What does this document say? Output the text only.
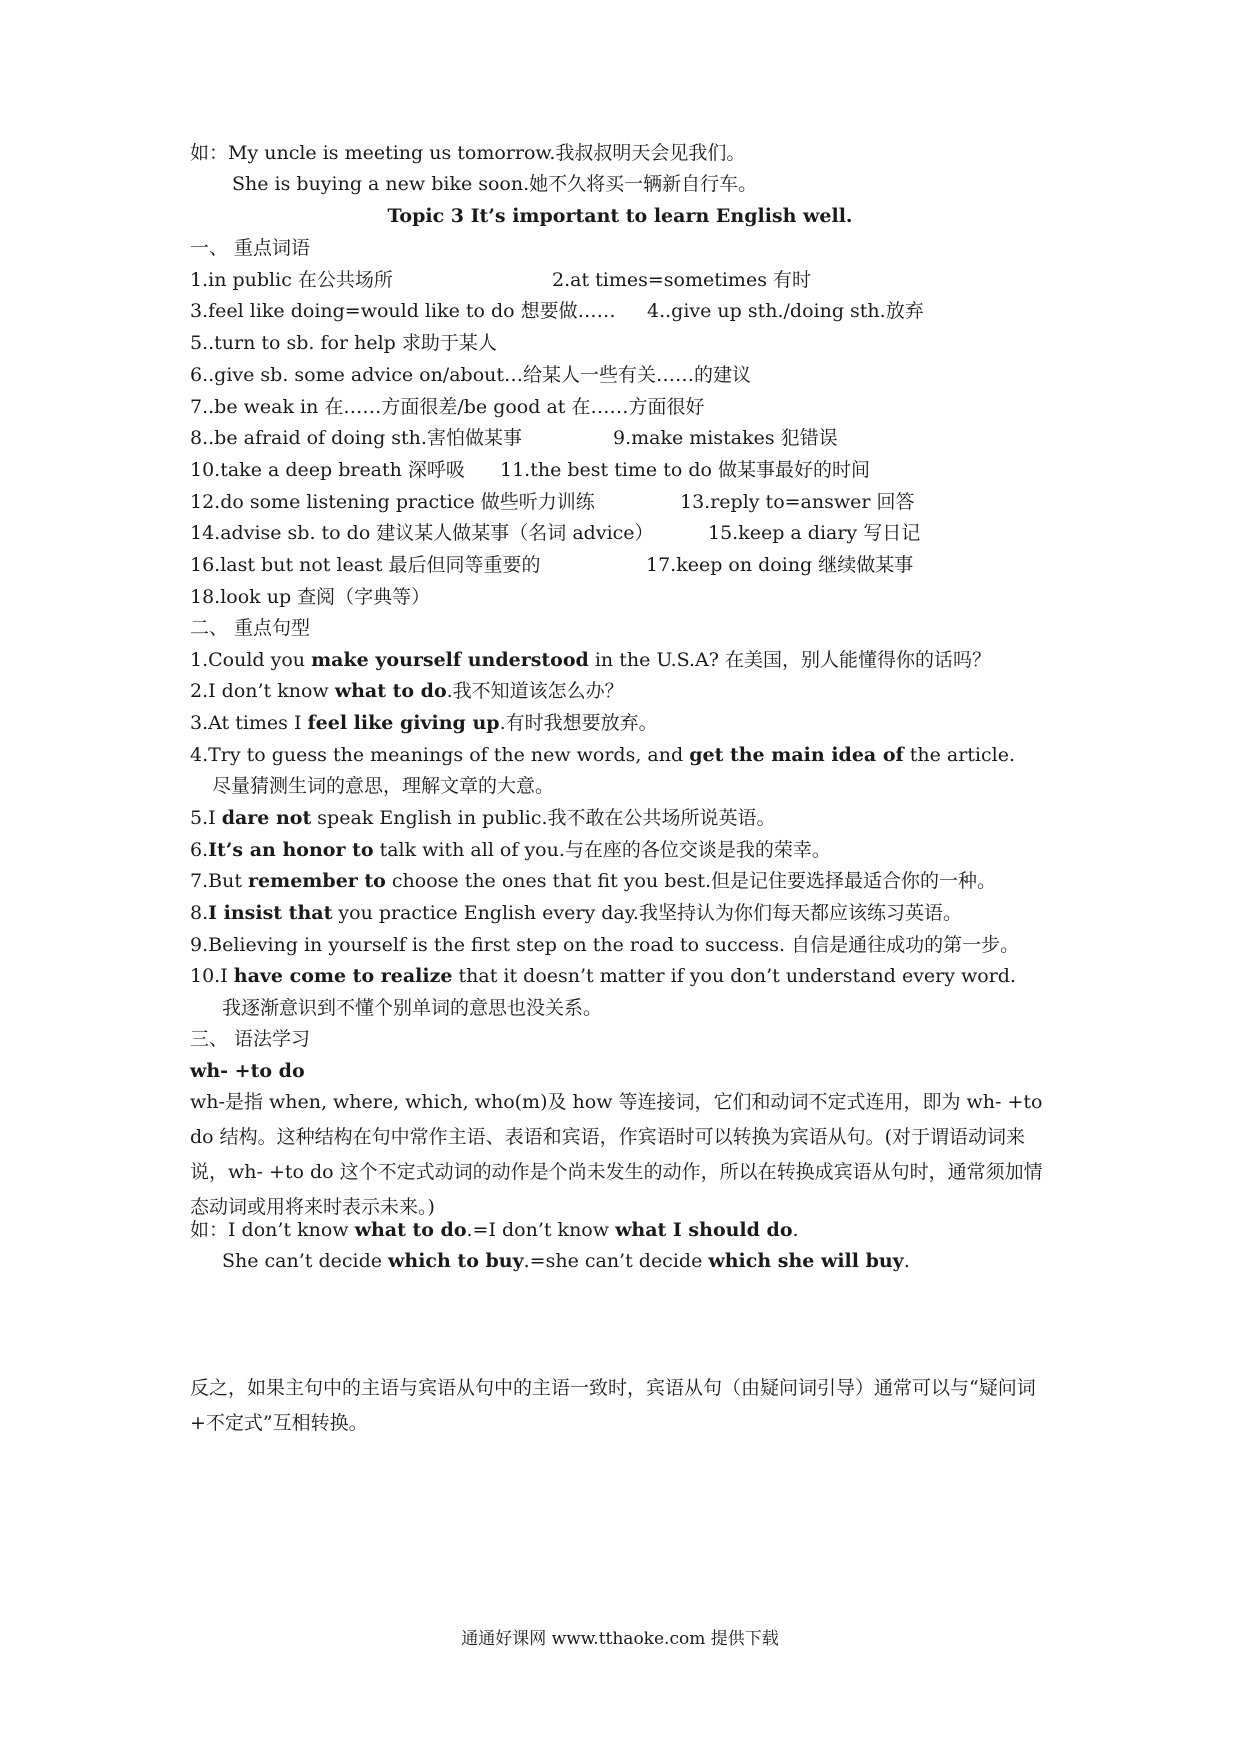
如：My uncle is meeting us tomorrow.我叔叔明天会见我们。
She is buying a new bike soon.她不久将买一辆新自行车。
Topic 3 It’s important to learn English well.
一、 重点词语
1.in public 在公共场所	2.at times=sometimes 有时
3.feel like doing=would like to do 想要做…… 4..give up sth./doing sth.放弃
5..turn to sb. for help 求助于某人
6..give sb. some advice on/about…给某人一些有关……的建议
7..be weak in 在……方面很差/be good at 在……方面很好
8..be afraid of doing sth.害怕做某事	9.make mistakes 犯错误
10.take a deep breath 深呼吸 11.the best time to do 做某事最好的时间
12.do some listening practice 做些听力训练	13.reply to=answer 回答
14.advise sb. to do 建议某人做某事（名词 advice）	15.keep a diary 写日记
16.last but not least 最后但同等重要的	17.keep on doing 继续做某事
18.look up 查阅（字典等）
二、 重点句型
1.Could you make yourself understood in the U.S.A? 在美国，别人能懂得你的话吗？
2.I don’t know what to do.我不知道该怎么办？
3.At times I feel like giving up.有时我想要放弃。
4.Try to guess the meanings of the new words, and get the main idea of the article.
尽量猜测生词的意思，理解文章的大意。
5.I dare not speak English in public.我不敢在公共场所说英语。
6.It’s an honor to talk with all of you.与在座的各位交谈是我的荣幸。
7.But remember to choose the ones that fit you best.但是记住要选择最适合你的一种。
8.I insist that you practice English every day.我坚持认为你们每天都应该练习英语。
9.Believing in yourself is the first step on the road to success. 自信是通往成功的第一步。
10.I have come to realize that it doesn’t matter if you don’t understand every word.
我逐渐意识到不懂个别单词的意思也没关系。
三、 语法学习
wh- +to do
wh-是指 when, where, which, who(m)及 how 等连接词，它们和动词不定式连用，即为 wh- +to do 结构。这种结构在句中常作主语、表语和宾语，作宾语时可以转换为宾语从句。(对于谓语动词来说，wh- +to do 这个不定式动词的动作是个尚未发生的动作，所以在转换成宾语从句时，通常须加情态动词或用将来时表示未来。)
如：I don’t know what to do.=I don’t know what I should do.
She can’t decide which to buy.=she can’t decide which she will buy.
反之，如果主句中的主语与宾语从句中的主语一致时，宾语从句（由疑问词引导）通常可以与“疑问词+不定式”互相转换。
通通好课网 www.tthaoke.com 提供下载
